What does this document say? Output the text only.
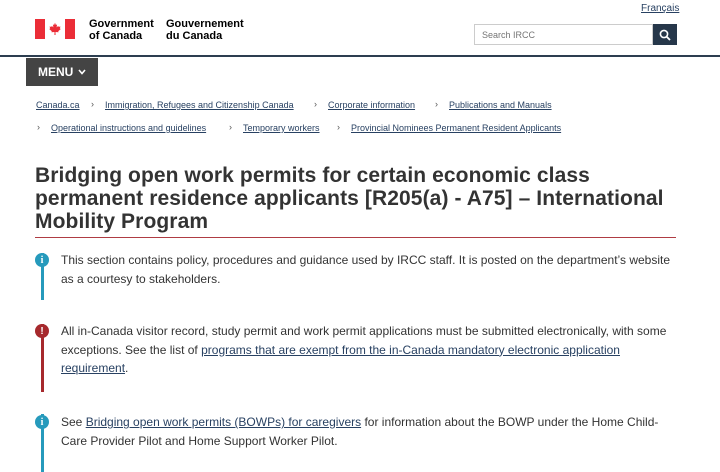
Français
Government
of Canada
Gouvernement
du Canada
Search IRCC
MENU
Canada.ca › Immigration, Refugees and Citizenship Canada › Corporate information › Publications and Manuals
› Operational instructions and guidelines	› Temporary workers › Provincial Nominees Permanent Resident Applicants
Bridging open work permits for certain economic class permanent residence applicants [R205(a) - A75] – International Mobility Program
i	This section contains policy, procedures and guidance used by IRCC staff. It is posted on the department’s website as a courtesy to stakeholders.

!	All in-Canada visitor record, study permit and work permit applications must be submitted electronically, with some exceptions. See the list of programs that are exempt from the in-Canada mandatory electronic application requirement.

i	See Bridging open work permits (BOWPs) for caregivers for information about the BOWP under the Home Child-Care Provider Pilot and Home Support Worker Pilot.
